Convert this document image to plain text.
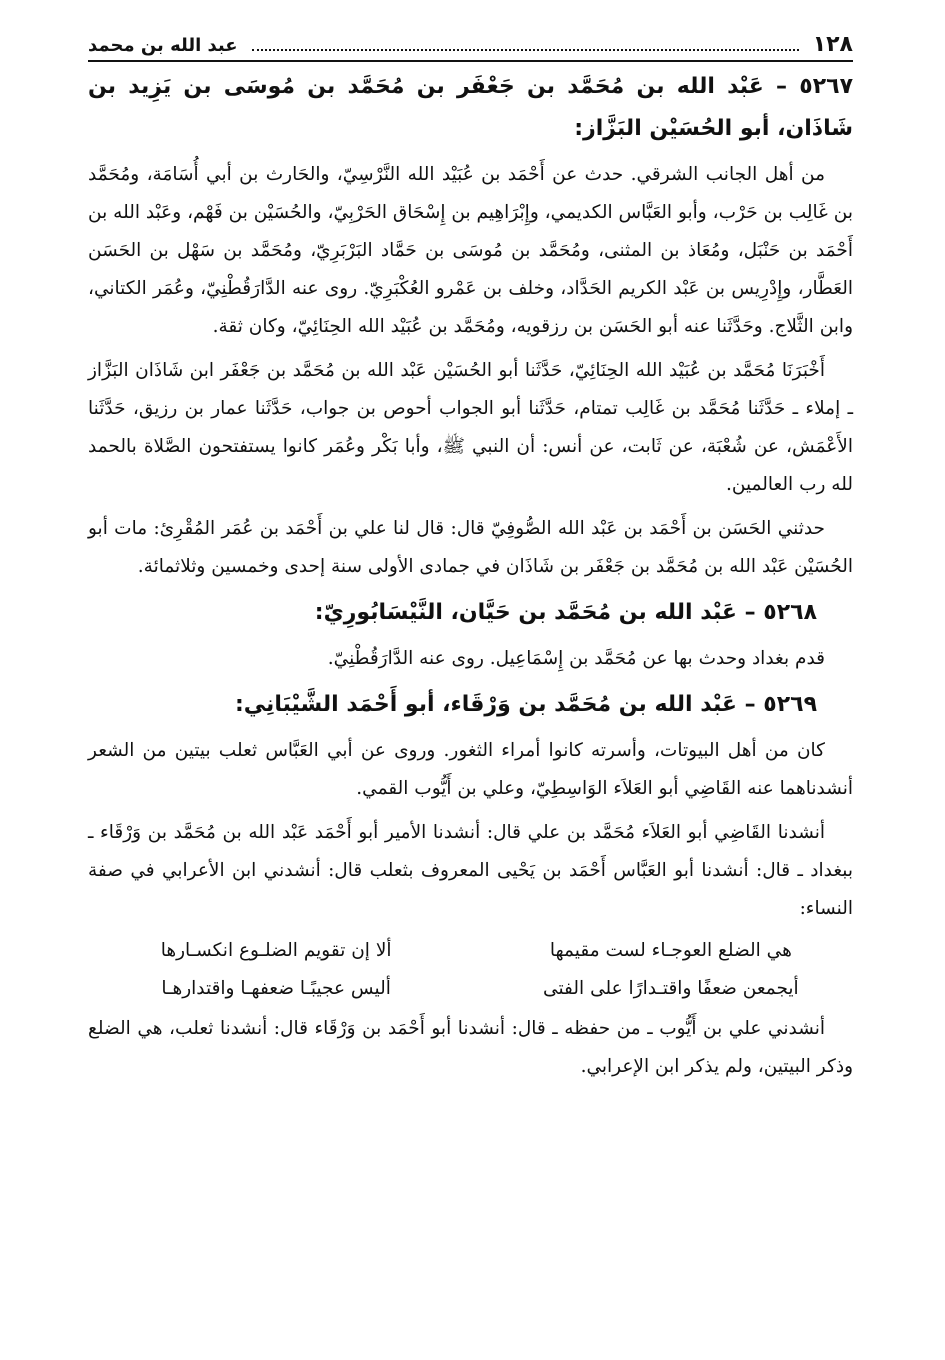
١٢٨
عبد الله بن محمد
٥٢٦٧ – عَبْد الله بن مُحَمَّد بن جَعْفَر بن مُحَمَّد بن مُوسَى بن يَزِيد بن شَاذَان، أبو الحُسَيْن البَزَّاز:

من أهل الجانب الشرقي. حدث عن أَحْمَد بن عُبَيْد الله النَّرْسِيّ، والحَارث بن أبي أُسَامَة، ومُحَمَّد بن غَالِب بن حَرْب، وأبو العَبَّاس الكديمي، وإِبْرَاهِيم بن إِسْحَاق الحَرْبِيّ، والحُسَيْن بن فَهْم، وعَبْد الله بن أَحْمَد بن حَنْبَل، ومُعَاذ بن المثنى، ومُحَمَّد بن مُوسَى بن حَمَّاد البَرْبَرِيّ، ومُحَمَّد بن سَهْل بن الحَسَن العَطَّار، وإِدْرِيس بن عَبْد الكريم الحَدَّاد، وخلف بن عَمْرو العُكْبَرِيّ. روى عنه الدَّارَقُطْنِيّ، وعُمَر الكتاني، وابن الثَّلاج. وحَدَّثَنا عنه أبو الحَسَن بن رزقويه، ومُحَمَّد بن عُبَيْد الله الحِنَائِيّ، وكان ثقة.

أَخْبَرَنَا مُحَمَّد بن عُبَيْد الله الحِنَائِيّ، حَدَّثَنا أبو الحُسَيْن عَبْد الله بن مُحَمَّد بن جَعْفَر ابن شَاذَان البَزَّاز ـ إملاء ـ حَدَّثَنا مُحَمَّد بن غَالِب تمتام، حَدَّثَنا أبو الجواب أحوص بن جواب، حَدَّثَنا عمار بن رزيق، حَدَّثَنا الأَعْمَش، عن شُعْبَة، عن ثَابت، عن أنس: أن النبي ﷺ، وأبا بَكْر وعُمَر كانوا يستفتحون الصَّلاة بالحمد لله رب العالمين.

حدثني الحَسَن بن أَحْمَد بن عَبْد الله الصُّوفِيّ قال: قال لنا علي بن أَحْمَد بن عُمَر المُقْرِئ: مات أبو الحُسَيْن عَبْد الله بن مُحَمَّد بن جَعْفَر بن شَاذَان في جمادى الأولى سنة إحدى وخمسين وثلاثمائة.

٥٢٦٨ – عَبْد الله بن مُحَمَّد بن حَيَّان، النَّيْسَابُورِيّ:

قدم بغداد وحدث بها عن مُحَمَّد بن إِسْمَاعِيل. روى عنه الدَّارَقُطْنِيّ.

٥٢٦٩ – عَبْد الله بن مُحَمَّد بن وَرْقَاء، أبو أَحْمَد الشَّيْبَانِي:

كان من أهل البيوتات، وأسرته كانوا أمراء الثغور. وروى عن أبي العَبَّاس ثعلب بيتين من الشعر أنشدناهما عنه القَاضِي أبو العَلاَء الوَاسِطِيّ، وعلي بن أَيُّوب القمي.

أنشدنا القَاضِي أبو العَلاَء مُحَمَّد بن علي قال: أنشدنا الأمير أبو أَحْمَد عَبْد الله بن مُحَمَّد بن وَرْقَاء ـ ببغداد ـ قال: أنشدنا أبو العَبَّاس أَحْمَد بن يَحْيى المعروف بثعلب قال: أنشدني ابن الأعرابي في صفة النساء:

هي الضلع العوجـاء لست مقيمها
ألا إن تقويم الضلـوع انكسـارها
أيجمعن ضعفًا واقتـدارًا على الفتى
أليس عجيبًـا ضعفهـا واقتدارهـا

أنشدني علي بن أَيُّوب ـ من حفظه ـ قال: أنشدنا أبو أَحْمَد بن وَرْقَاء قال: أنشدنا ثعلب، هي الضلع وذكر البيتين، ولم يذكر ابن الإعرابي.
